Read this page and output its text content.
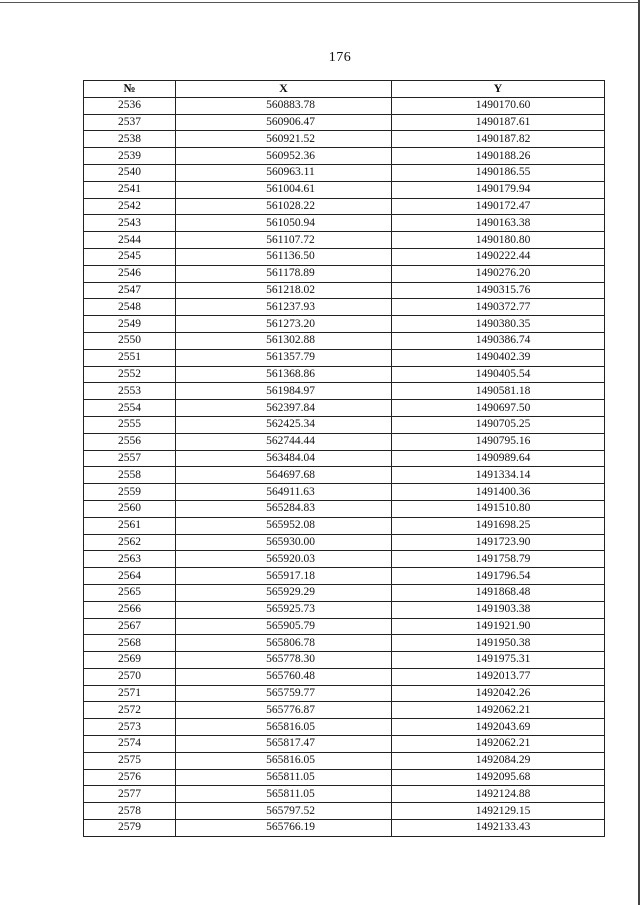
176
№	X	Y
2536	560883.78	1490170.60
2537	560906.47	1490187.61
2538	560921.52	1490187.82
2539	560952.36	1490188.26
2540	560963.11	1490186.55
2541	561004.61	1490179.94
2542	561028.22	1490172.47
2543	561050.94	1490163.38
2544	561107.72	1490180.80
2545	561136.50	1490222.44
2546	561178.89	1490276.20
2547	561218.02	1490315.76
2548	561237.93	1490372.77
2549	561273.20	1490380.35
2550	561302.88	1490386.74
2551	561357.79	1490402.39
2552	561368.86	1490405.54
2553	561984.97	1490581.18
2554	562397.84	1490697.50
2555	562425.34	1490705.25
2556	562744.44	1490795.16
2557	563484.04	1490989.64
2558	564697.68	1491334.14
2559	564911.63	1491400.36
2560	565284.83	1491510.80
2561	565952.08	1491698.25
2562	565930.00	1491723.90
2563	565920.03	1491758.79
2564	565917.18	1491796.54
2565	565929.29	1491868.48
2566	565925.73	1491903.38
2567	565905.79	1491921.90
2568	565806.78	1491950.38
2569	565778.30	1491975.31
2570	565760.48	1492013.77
2571	565759.77	1492042.26
2572	565776.87	1492062.21
2573	565816.05	1492043.69
2574	565817.47	1492062.21
2575	565816.05	1492084.29
2576	565811.05	1492095.68
2577	565811.05	1492124.88
2578	565797.52	1492129.15
2579	565766.19	1492133.43
